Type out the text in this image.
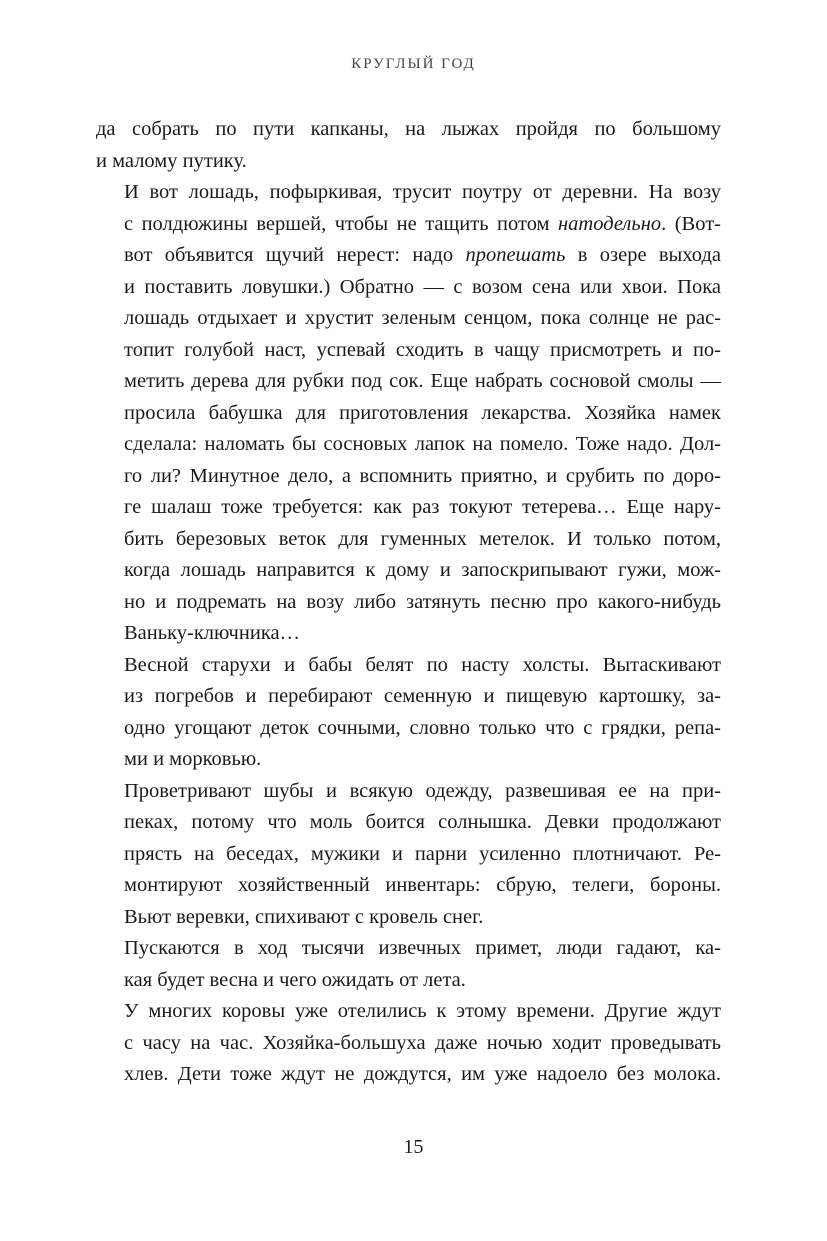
КРУГЛЫЙ ГОД

да собрать по пути капканы, на лыжах пройдя по большому
и малому путику.

И вот лошадь, пофыркивая, трусит поутру от деревни. На возу
с полдюжины вершей, чтобы не тащить потом натодельно. (Вот-
вот объявится щучий нерест: надо пропешать в озере выхода
и поставить ловушки.) Обратно — с возом сена или хвои. Пока
лошадь отдыхает и хрустит зеленым сенцом, пока солнце не рас-
топит голубой наст, успевай сходить в чащу присмотреть и по-
метить дерева для рубки под сок. Еще набрать сосновой смолы —
просила бабушка для приготовления лекарства. Хозяйка намек
сделала: наломать бы сосновых лапок на помело. Тоже надо. Дол-
го ли? Минутное дело, а вспомнить приятно, и срубить по доро-
ге шалаш тоже требуется: как раз токуют тетерева… Еще нару-
бить березовых веток для гуменных метелок. И только потом,
когда лошадь направится к дому и запоскрипывают гужи, мож-
но и подремать на возу либо затянуть песню про какого-нибудь
Ваньку-ключника…

Весной старухи и бабы белят по насту холсты. Вытаскивают
из погребов и перебирают семенную и пищевую картошку, за-
одно угощают деток сочными, словно только что с грядки, репа-
ми и морковью.

Проветривают шубы и всякую одежду, развешивая ее на при-
пеках, потому что моль боится солнышка. Девки продолжают
прясть на беседах, мужики и парни усиленно плотничают. Ре-
монтируют хозяйственный инвентарь: сбрую, телеги, бороны.
Вьют веревки, спихивают с кровель снег.

Пускаются в ход тысячи извечных примет, люди гадают, ка-
кая будет весна и чего ожидать от лета.

У многих коровы уже отелились к этому времени. Другие ждут
с часу на час. Хозяйка-большуха даже ночью ходит проведывать
хлев. Дети тоже ждут не дождутся, им уже надоело без молока.

15
